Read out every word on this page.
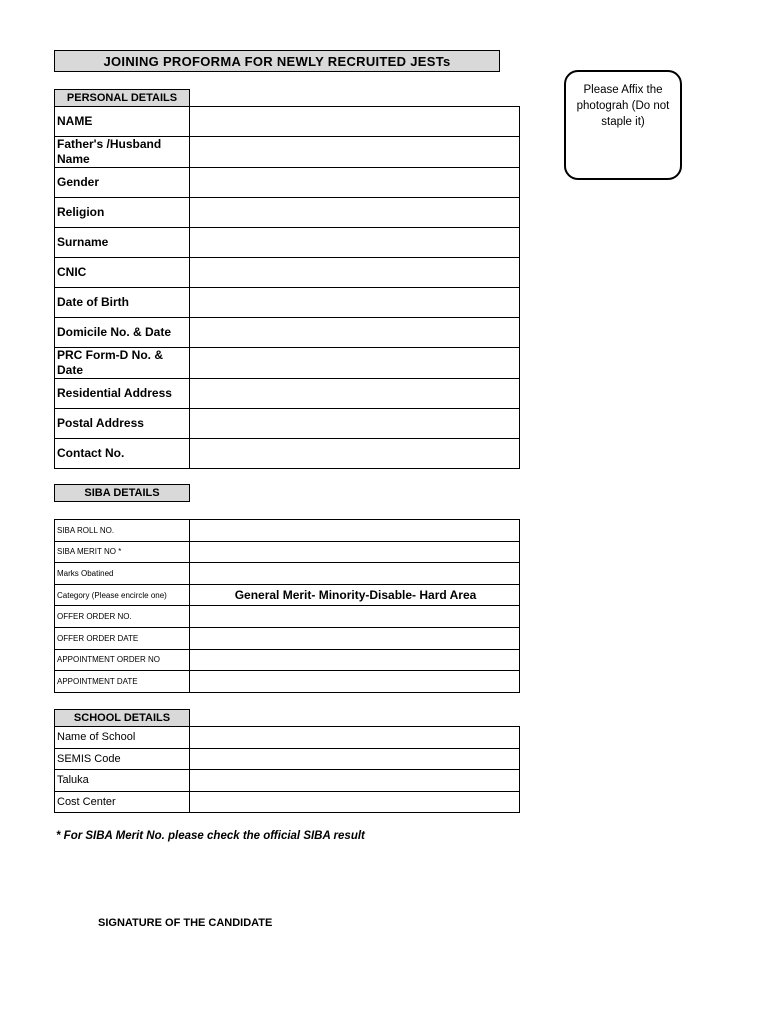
JOINING PROFORMA FOR NEWLY RECRUITED JESTs
Please Affix the photograh (Do not staple it)
PERSONAL DETAILS
NAME	
Father's /Husband Name	
Gender	
Religion	
Surname	
CNIC	
Date of Birth	
Domicile No. & Date	
PRC Form-D No. & Date	
Residential Address	
Postal Address	
Contact No.	
SIBA DETAILS
SIBA ROLL NO.	
SIBA MERIT NO *	
Marks Obatined	
Category (Please encircle one)	General Merit- Minority-Disable- Hard Area
OFFER ORDER NO.	
OFFER ORDER DATE	
APPOINTMENT ORDER NO	
APPOINTMENT DATE	
SCHOOL DETAILS
Name of School	
SEMIS Code	
Taluka	
Cost Center	
* For SIBA Merit No. please check the official SIBA result
SIGNATURE OF THE CANDIDATE
